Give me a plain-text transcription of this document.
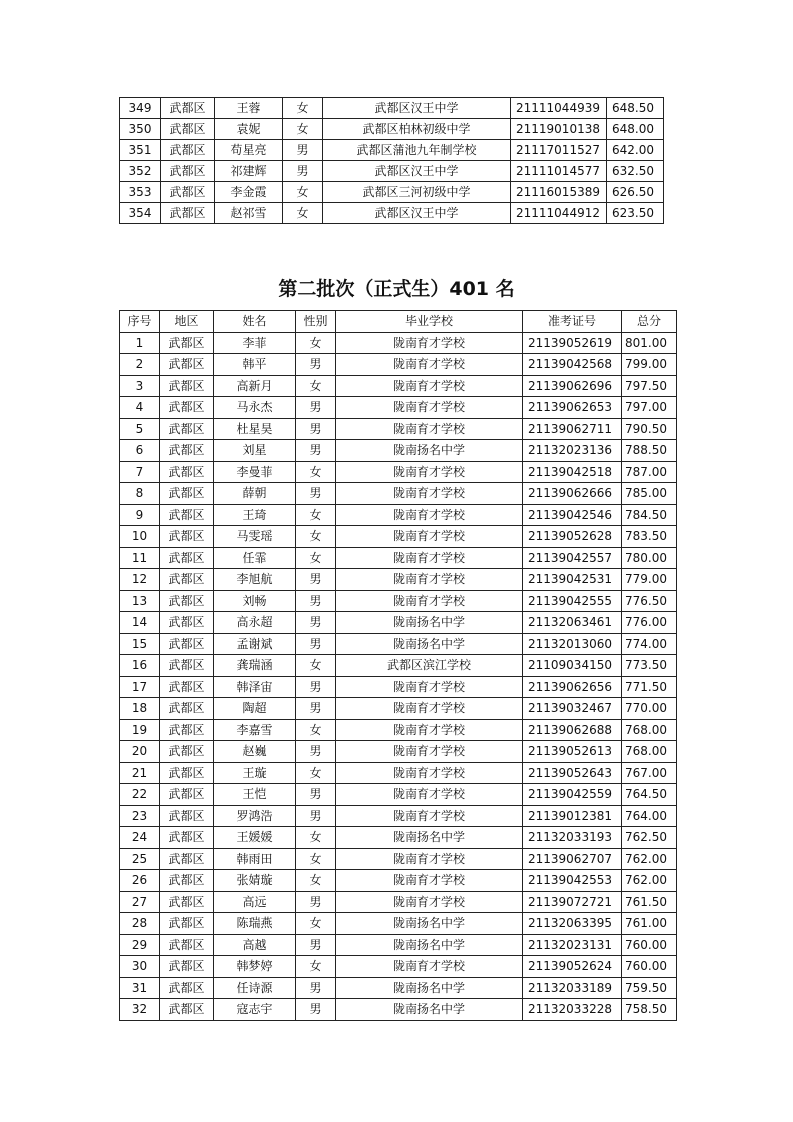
349	武都区	王蓉	女	武都区汉王中学	21111044939	648.50
350	武都区	袁妮	女	武都区柏林初级中学	21119010138	648.00
351	武都区	苟星亮	男	武都区蒲池九年制学校	21117011527	642.00
352	武都区	祁建辉	男	武都区汉王中学	21111014577	632.50
353	武都区	李金霞	女	武都区三河初级中学	21116015389	626.50
354	武都区	赵祁雪	女	武都区汉王中学	21111044912	623.50
第二批次（正式生）401 名
序号	地区	姓名	性别	毕业学校	准考证号	总分
1	武都区	李菲	女	陇南育才学校	21139052619	801.00
2	武都区	韩平	男	陇南育才学校	21139042568	799.00
3	武都区	高新月	女	陇南育才学校	21139062696	797.50
4	武都区	马永杰	男	陇南育才学校	21139062653	797.00
5	武都区	杜星昊	男	陇南育才学校	21139062711	790.50
6	武都区	刘星	男	陇南扬名中学	21132023136	788.50
7	武都区	李曼菲	女	陇南育才学校	21139042518	787.00
8	武都区	薛朝	男	陇南育才学校	21139062666	785.00
9	武都区	王琦	女	陇南育才学校	21139042546	784.50
10	武都区	马雯瑶	女	陇南育才学校	21139052628	783.50
11	武都区	任霏	女	陇南育才学校	21139042557	780.00
12	武都区	李旭航	男	陇南育才学校	21139042531	779.00
13	武都区	刘畅	男	陇南育才学校	21139042555	776.50
14	武都区	高永超	男	陇南扬名中学	21132063461	776.00
15	武都区	孟谢斌	男	陇南扬名中学	21132013060	774.00
16	武都区	龚瑞涵	女	武都区滨江学校	21109034150	773.50
17	武都区	韩泽宙	男	陇南育才学校	21139062656	771.50
18	武都区	陶超	男	陇南育才学校	21139032467	770.00
19	武都区	李嘉雪	女	陇南育才学校	21139062688	768.00
20	武都区	赵巍	男	陇南育才学校	21139052613	768.00
21	武都区	王璇	女	陇南育才学校	21139052643	767.00
22	武都区	王恺	男	陇南育才学校	21139042559	764.50
23	武都区	罗鸿浩	男	陇南育才学校	21139012381	764.00
24	武都区	王媛媛	女	陇南扬名中学	21132033193	762.50
25	武都区	韩雨田	女	陇南育才学校	21139062707	762.00
26	武都区	张婧璇	女	陇南育才学校	21139042553	762.00
27	武都区	高远	男	陇南育才学校	21139072721	761.50
28	武都区	陈瑞燕	女	陇南扬名中学	21132063395	761.00
29	武都区	高越	男	陇南扬名中学	21132023131	760.00
30	武都区	韩梦婷	女	陇南育才学校	21139052624	760.00
31	武都区	任诗源	男	陇南扬名中学	21132033189	759.50
32	武都区	寇志宇	男	陇南扬名中学	21132033228	758.50
